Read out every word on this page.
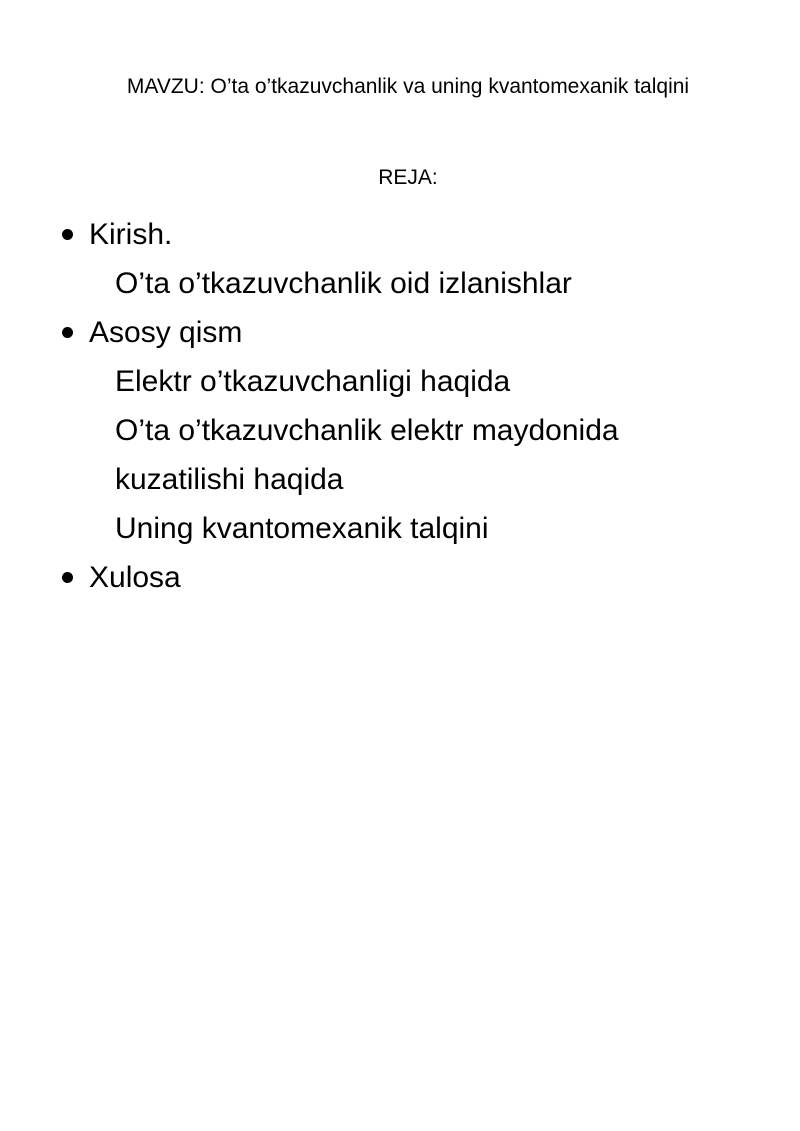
MAVZU: O’ta o’tkazuvchanlik va uning kvantomexanik talqini
REJA:
Kirish.
O’ta o’tkazuvchanlik oid izlanishlar
Asosy qism
Elektr o’tkazuvchanligi haqida
O’ta o’tkazuvchanlik elektr maydonida
kuzatilishi haqida
Uning kvantomexanik talqini
Xulosa
